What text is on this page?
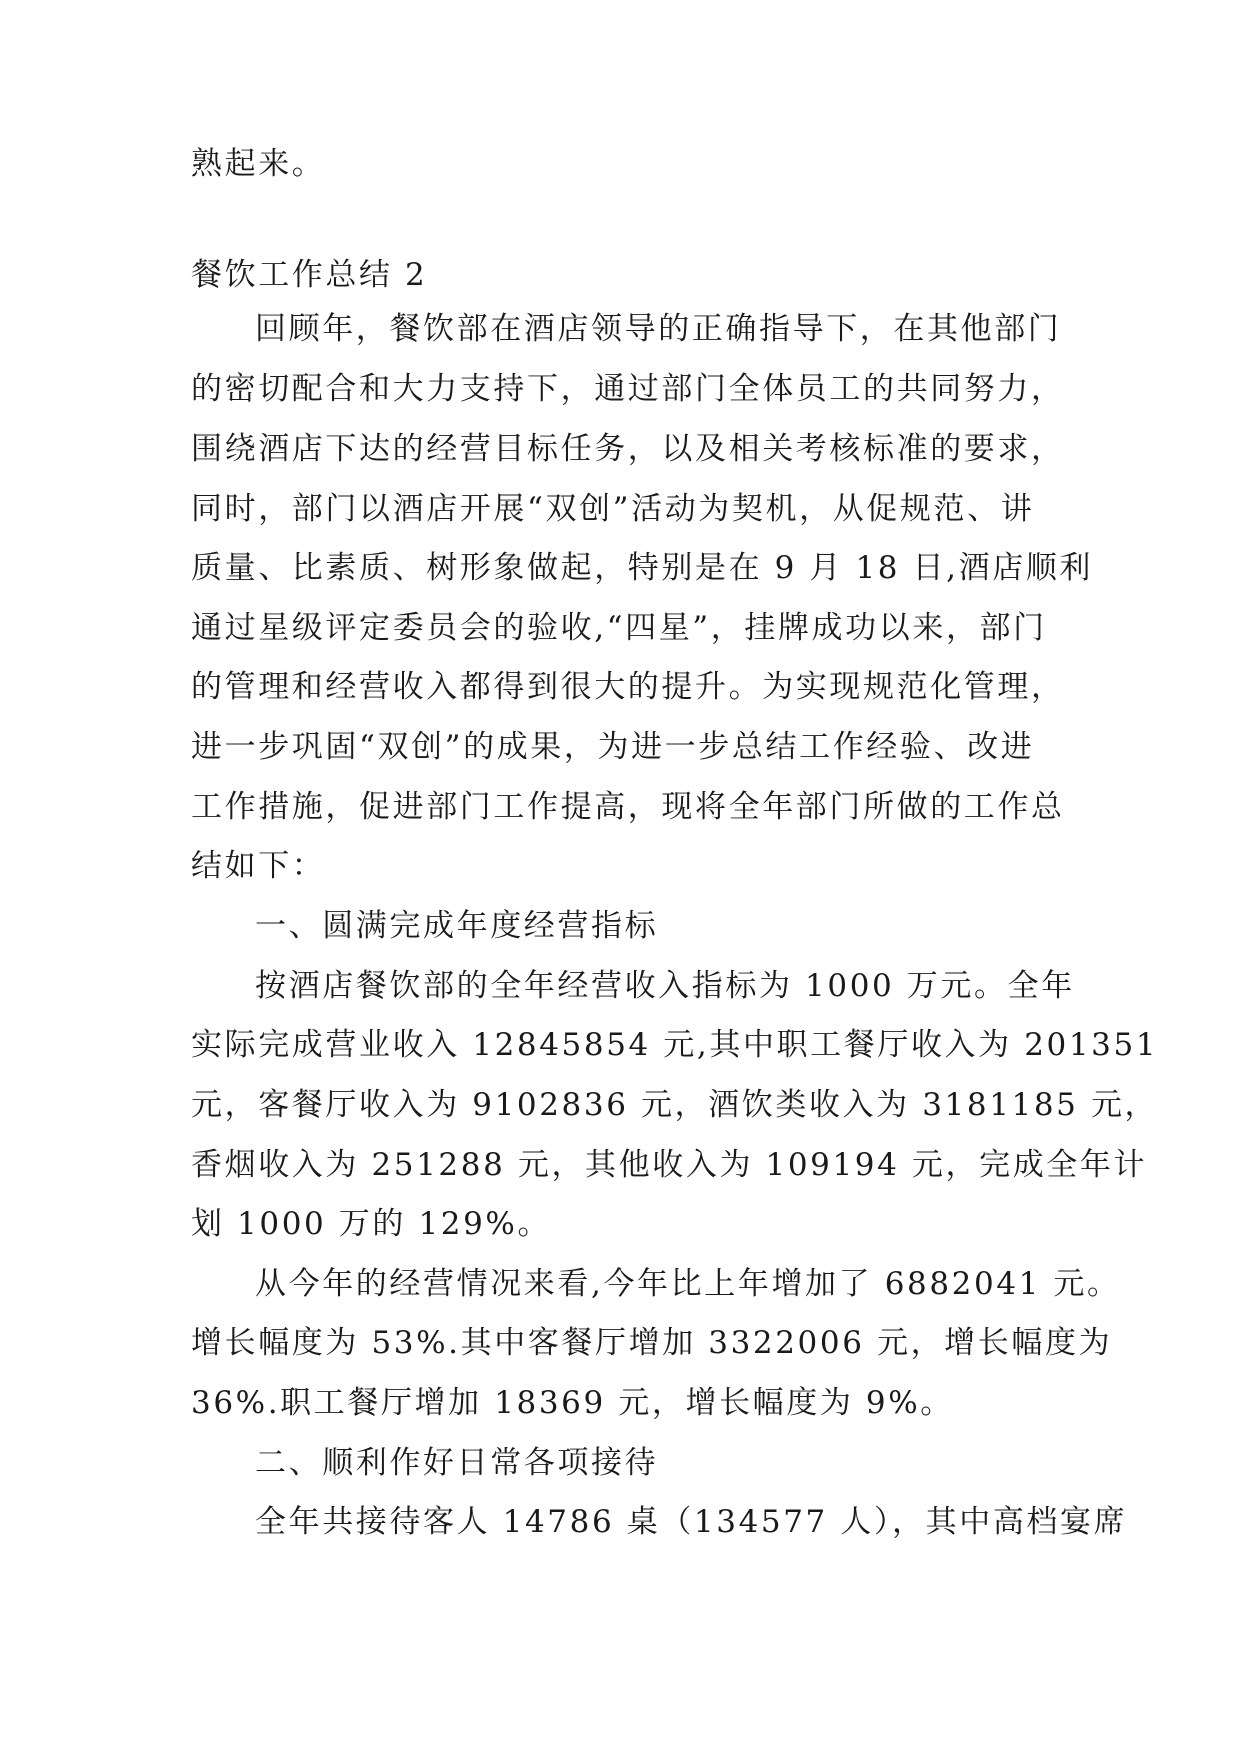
熟起来。
餐饮工作总结 2
回顾年，餐饮部在酒店领导的正确指导下，在其他部门
的密切配合和大力支持下，通过部门全体员工的共同努力，
围绕酒店下达的经营目标任务，以及相关考核标准的要求，
同时，部门以酒店开展“双创”活动为契机，从促规范、讲
质量、比素质、树形象做起，特别是在 9 月 18 日,酒店顺利
通过星级评定委员会的验收,“四星”，挂牌成功以来，部门
的管理和经营收入都得到很大的提升。为实现规范化管理，
进一步巩固“双创”的成果，为进一步总结工作经验、改进
工作措施，促进部门工作提高，现将全年部门所做的工作总
结如下：
一、圆满完成年度经营指标
按酒店餐饮部的全年经营收入指标为 1000 万元。全年
实际完成营业收入 12845854 元,其中职工餐厅收入为 201351
元，客餐厅收入为 9102836 元，酒饮类收入为 3181185 元，
香烟收入为 251288 元，其他收入为 109194 元，完成全年计
划 1000 万的 129%。
从今年的经营情况来看,今年比上年增加了 6882041 元。
增长幅度为 53%.其中客餐厅增加 3322006 元，增长幅度为
36%.职工餐厅增加 18369 元，增长幅度为 9%。
二、顺利作好日常各项接待
全年共接待客人 14786 桌（134577 人），其中高档宴席
